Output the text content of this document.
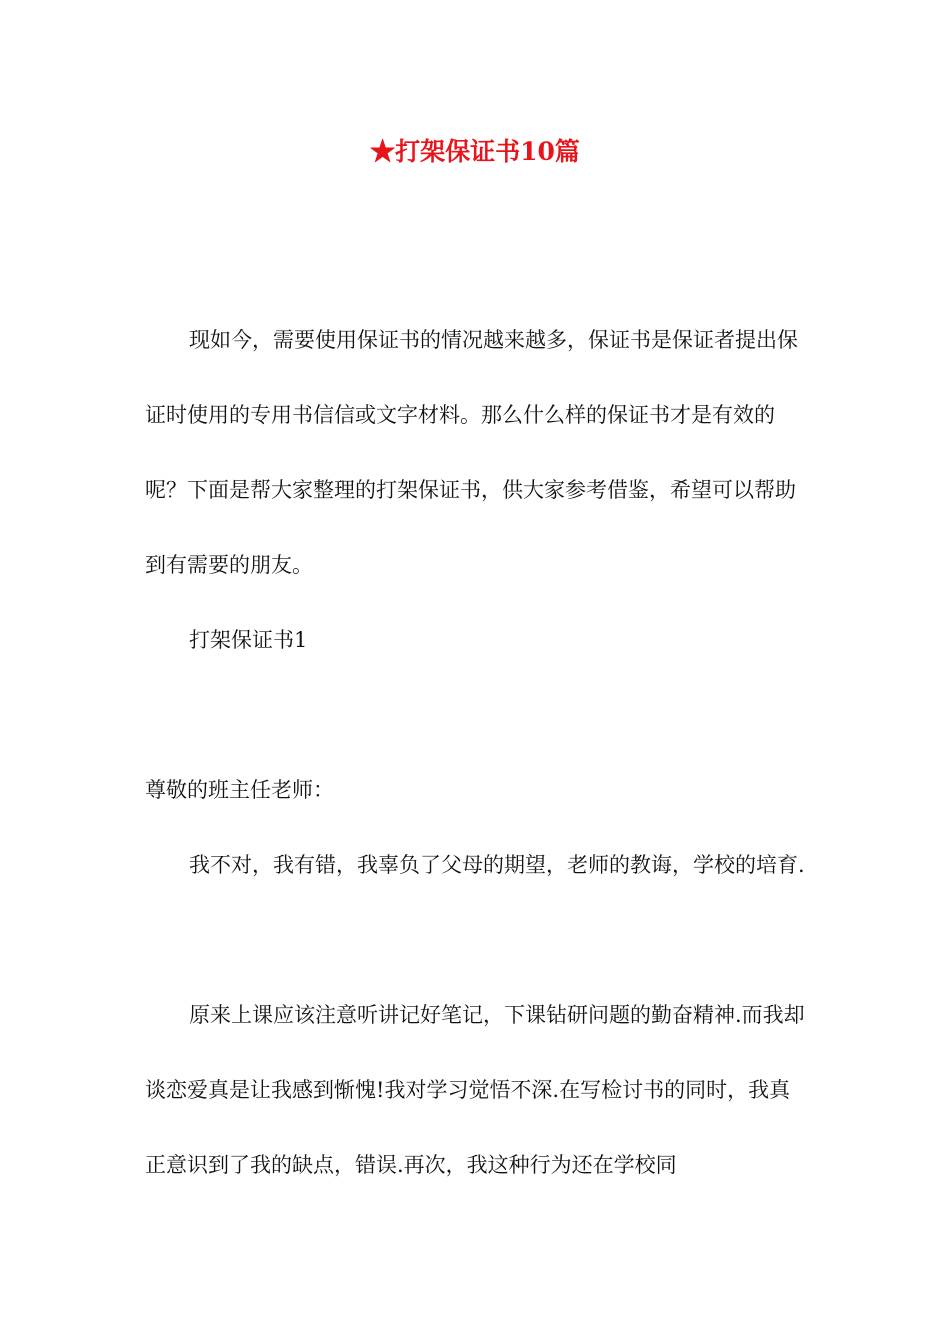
★打架保证书10篇

现如今，需要使用保证书的情况越来越多，保证书是保证者提出保证时使用的专用书信信或文字材料。那么什么样的保证书才是有效的呢？下面是帮大家整理的打架保证书，供大家参考借鉴，希望可以帮助到有需要的朋友。

打架保证书1

尊敬的班主任老师：

我不对，我有错，我辜负了父母的期望，老师的教诲，学校的培育.

原来上课应该注意听讲记好笔记，下课钻研问题的勤奋精神.而我却谈恋爱真是让我感到惭愧!我对学习觉悟不深.在写检讨书的同时，我真正意识到了我的缺点，错误.再次，我这种行为还在学校同
